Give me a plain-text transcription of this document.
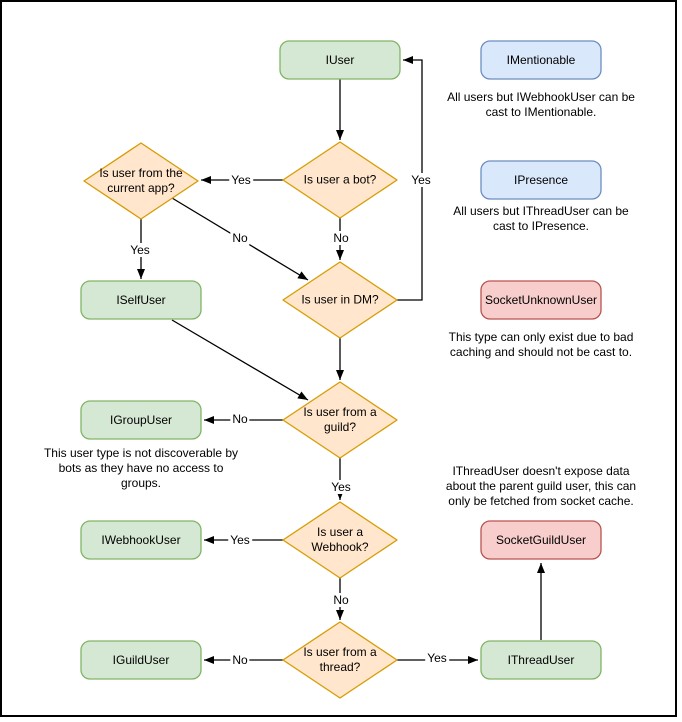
IUser	IMentionable
IPresence
SocketUnknownUser
ISelfUser
IGroupUser
IWebhookUser
IGuildUser	IThreadUser
SocketGuildUser
Is user a bot?
Is user from the
current app?
Is user in DM?
Is user from a
guild?
Is user a
Webhook?
Is user from a
thread?
Yes
No
Yes
No
Yes
No
Yes
Yes
No
No	Yes
All users but IWebhookUser can be
cast to IMentionable.
All users but IThreadUser can be
cast to IPresence.
This type can only exist due to bad
caching and should not be cast to.
This user type is not discoverable by
bots as they have no access to
groups.
IThreadUser doesn't expose data
about the parent guild user, this can
only be fetched from socket cache.
